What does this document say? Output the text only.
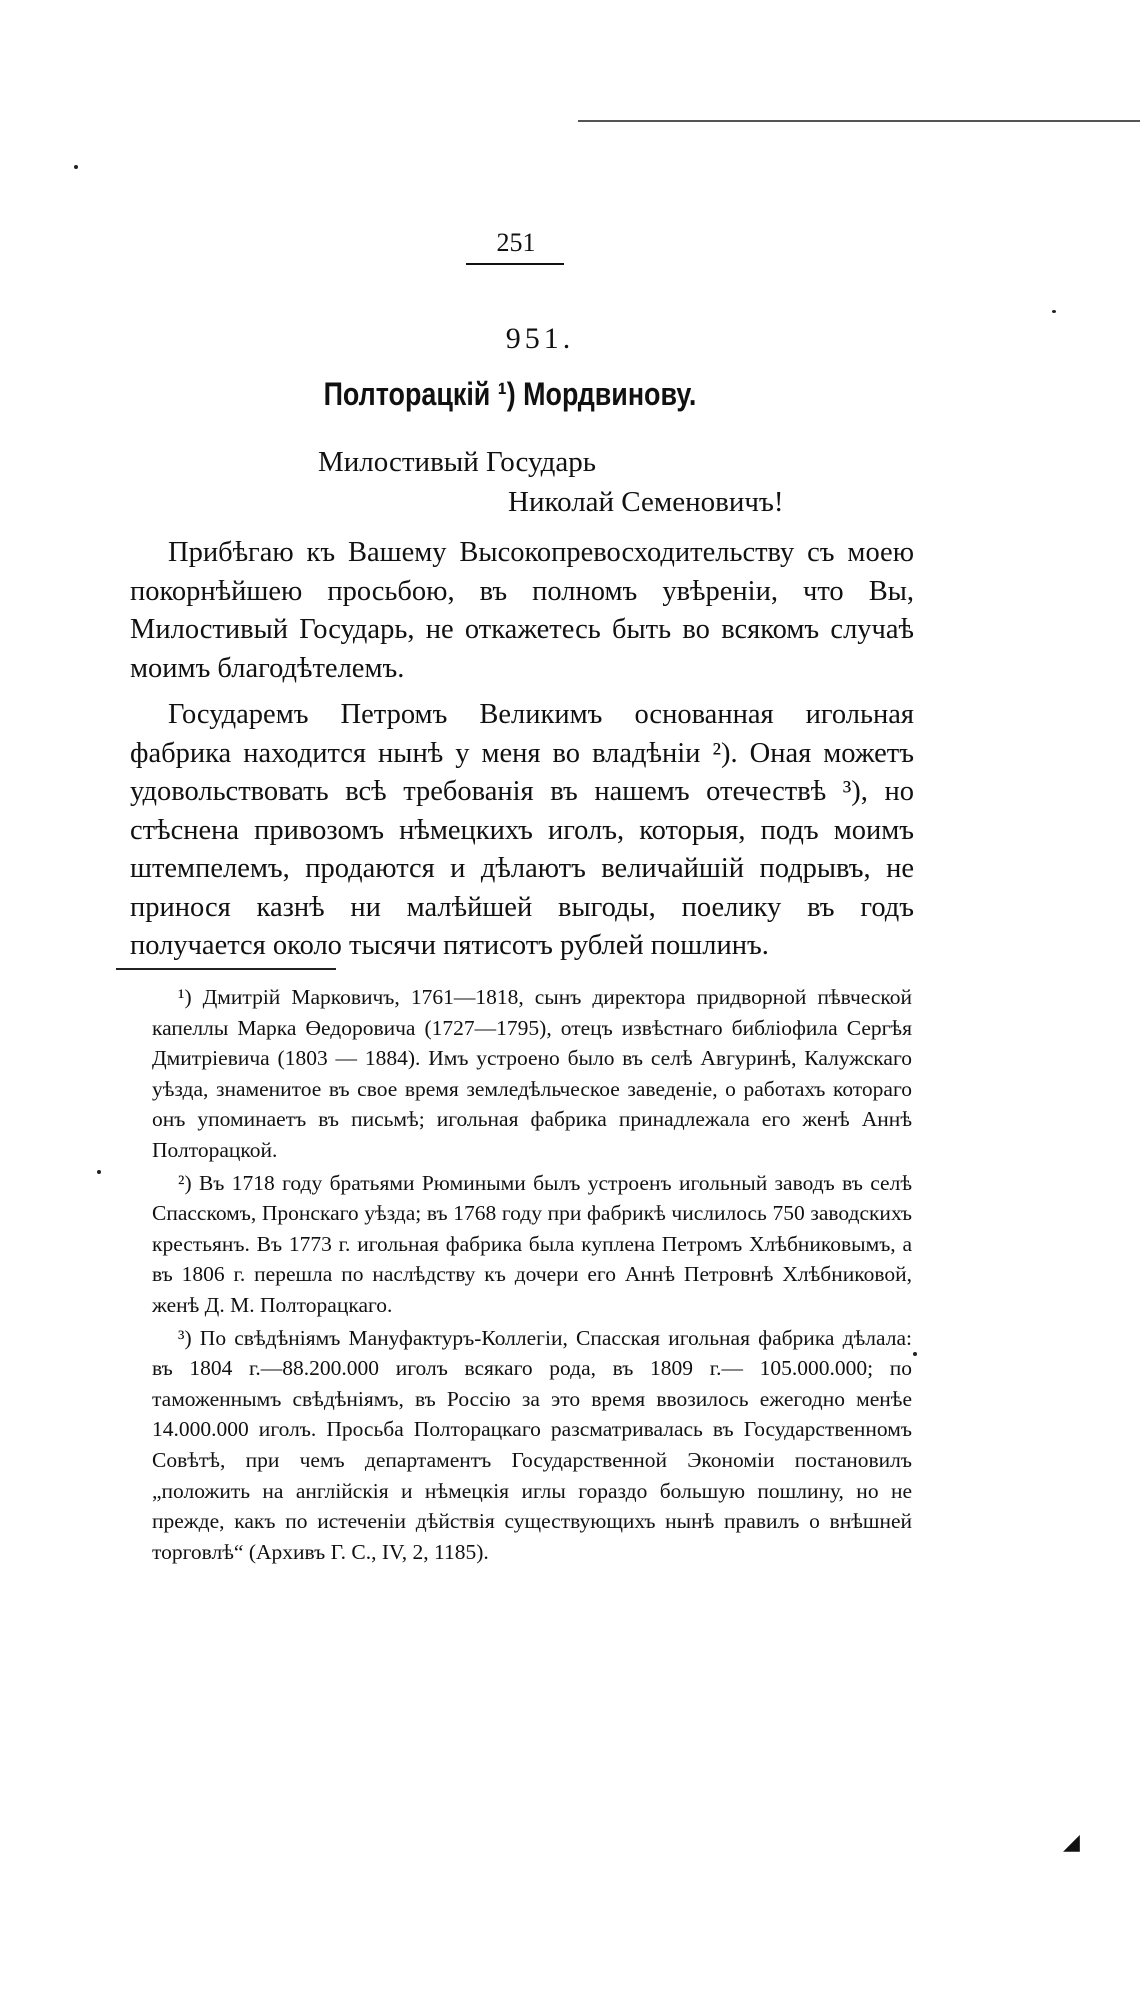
251
951.
Полторацкій ¹) Мордвинову.
Милостивый Государь
Николай Семеновичъ!

Прибѣгаю къ Вашему Высокопревосходительству съ моею покорнѣйшею просьбою, въ полномъ увѣреніи, что Вы, Милостивый Государь, не откажетесь быть во всякомъ случаѣ моимъ благодѣтелемъ.

Государемъ Петромъ Великимъ основанная игольная фабрика находится нынѣ у меня во владѣніи ²). Оная можетъ удовольствовать всѣ требованія въ нашемъ отечествѣ ³), но стѣснена привозомъ нѣмецкихъ иголъ, которыя, подъ моимъ штемпелемъ, продаются и дѣлаютъ величайшій подрывъ, не принося казнѣ ни малѣйшей выгоды, поелику въ годъ получается около тысячи пятисотъ рублей пошлинъ.

¹) Дмитрій Марковичъ, 1761—1818, сынъ директора придворной пѣвческой капеллы Марка Өедоровича (1727—1795), отецъ извѣстнаго библіофила Сергѣя Дмитріевича (1803 — 1884). Имъ устроено было въ селѣ Авгуринѣ, Калужскаго уѣзда, знаменитое въ свое время земледѣльческое заведеніе, о работахъ котораго онъ упоминаетъ въ письмѣ; игольная фабрика принадлежала его женѣ Аннѣ Полторацкой.

²) Въ 1718 году братьями Рюмиными былъ устроенъ игольный заводъ въ селѣ Спасскомъ, Пронскаго уѣзда; въ 1768 году при фабрикѣ числилось 750 заводскихъ крестьянъ. Въ 1773 г. игольная фабрика была куплена Петромъ Хлѣбниковымъ, а въ 1806 г. перешла по наслѣдству къ дочери его Аннѣ Петровнѣ Хлѣбниковой, женѣ Д. М. Полторацкаго.

³) По свѣдѣніямъ Мануфактуръ-Коллегіи, Спасская игольная фабрика дѣлала: въ 1804 г.—88.200.000 иголъ всякаго рода, въ 1809 г.— 105.000.000; по таможеннымъ свѣдѣніямъ, въ Россію за это время ввозилось ежегодно менѣе 14.000.000 иголъ. Просьба Полторацкаго разсматривалась въ Государственномъ Совѣтѣ, при чемъ департаментъ Государственной Экономіи постановилъ „положить на англійскія и нѣмецкія иглы гораздо большую пошлину, но не прежде, какъ по истеченіи дѣйствія существующихъ нынѣ правилъ о внѣшней торговлѣ“ (Архивъ Г. С., IV, 2, 1185).

◢
